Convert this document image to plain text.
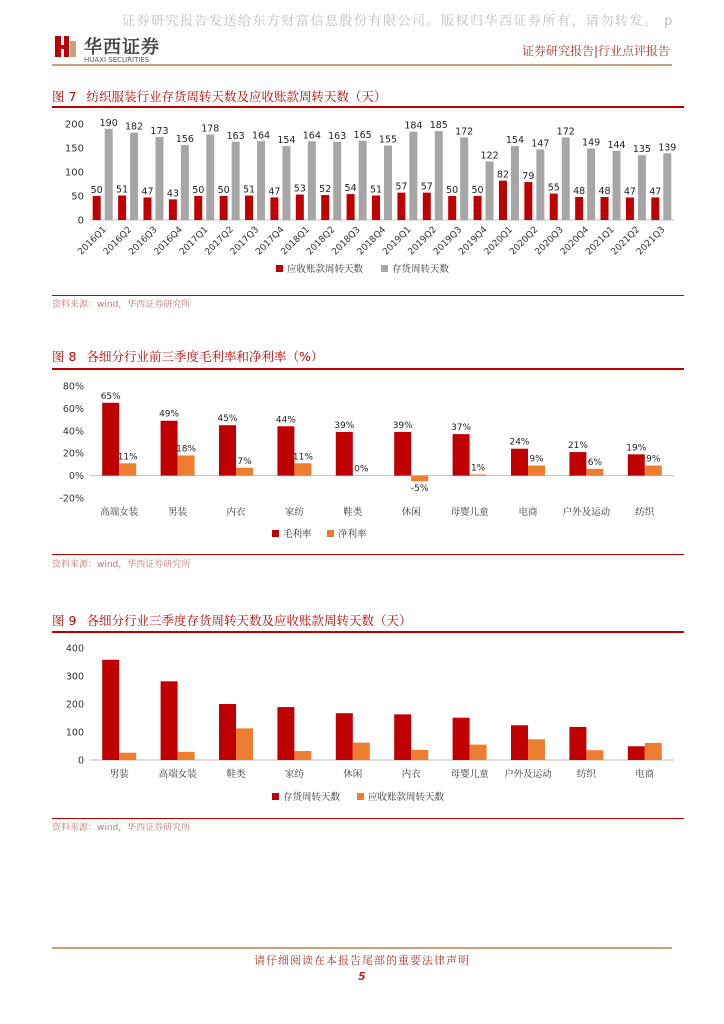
证券研究报告发送给东方财富信息股份有限公司。版权归华西证券所有，请勿转发。 p
华西证券
HUAXI SECURITIES
证券研究报告|行业点评报告
图 7 纺织服装行业存货周转天数及应收账款周转天数（天）
0
50
100
150
200
50
190
2016Q1
51
182
2016Q2
47
173
2016Q3
43
156
2016Q4
50
178
2017Q1
50
163
2017Q2
51
164
2017Q3
47
154
2017Q4
53
164
2018Q1
52
163
2018Q2
54
165
2018Q3
51
155
2018Q4
57
184
2019Q1
57
185
2019Q2
50
172
2019Q3
50
122
2019Q4
82
154
2020Q1
79
147
2020Q2
55
172
2020Q3
48
149
2020Q4
48
144
2021Q1
47
135
2021Q2
47
139
2021Q3
应收账款周转天数	存货周转天数
资料来源：wind，华西证券研究所
图 8 各细分行业前三季度毛利率和净利率（%）
-20%
0%
20%
40%
60%
80%
65%
11%
高端女装
49%
18%
男装
45%
7%
内衣
44%
11%
家纺
39%
0%
鞋类
39%
-5%
休闲
37%
1%
母婴儿童
24%
9%
电商
21%
6%
户外及运动
19%
9%
纺织
毛利率	净利率
资料来源：wind，华西证券研究所
图 9 各细分行业三季度存货周转天数及应收账款周转天数（天）
0
100
200
300
400
男装	高端女装	鞋类	家纺	休闲	内衣	母婴儿童 户外及运动	纺织	电商
存货周转天数	应收账款周转天数
资料来源：wind，华西证券研究所
请仔细阅读在本报告尾部的重要法律声明
5
